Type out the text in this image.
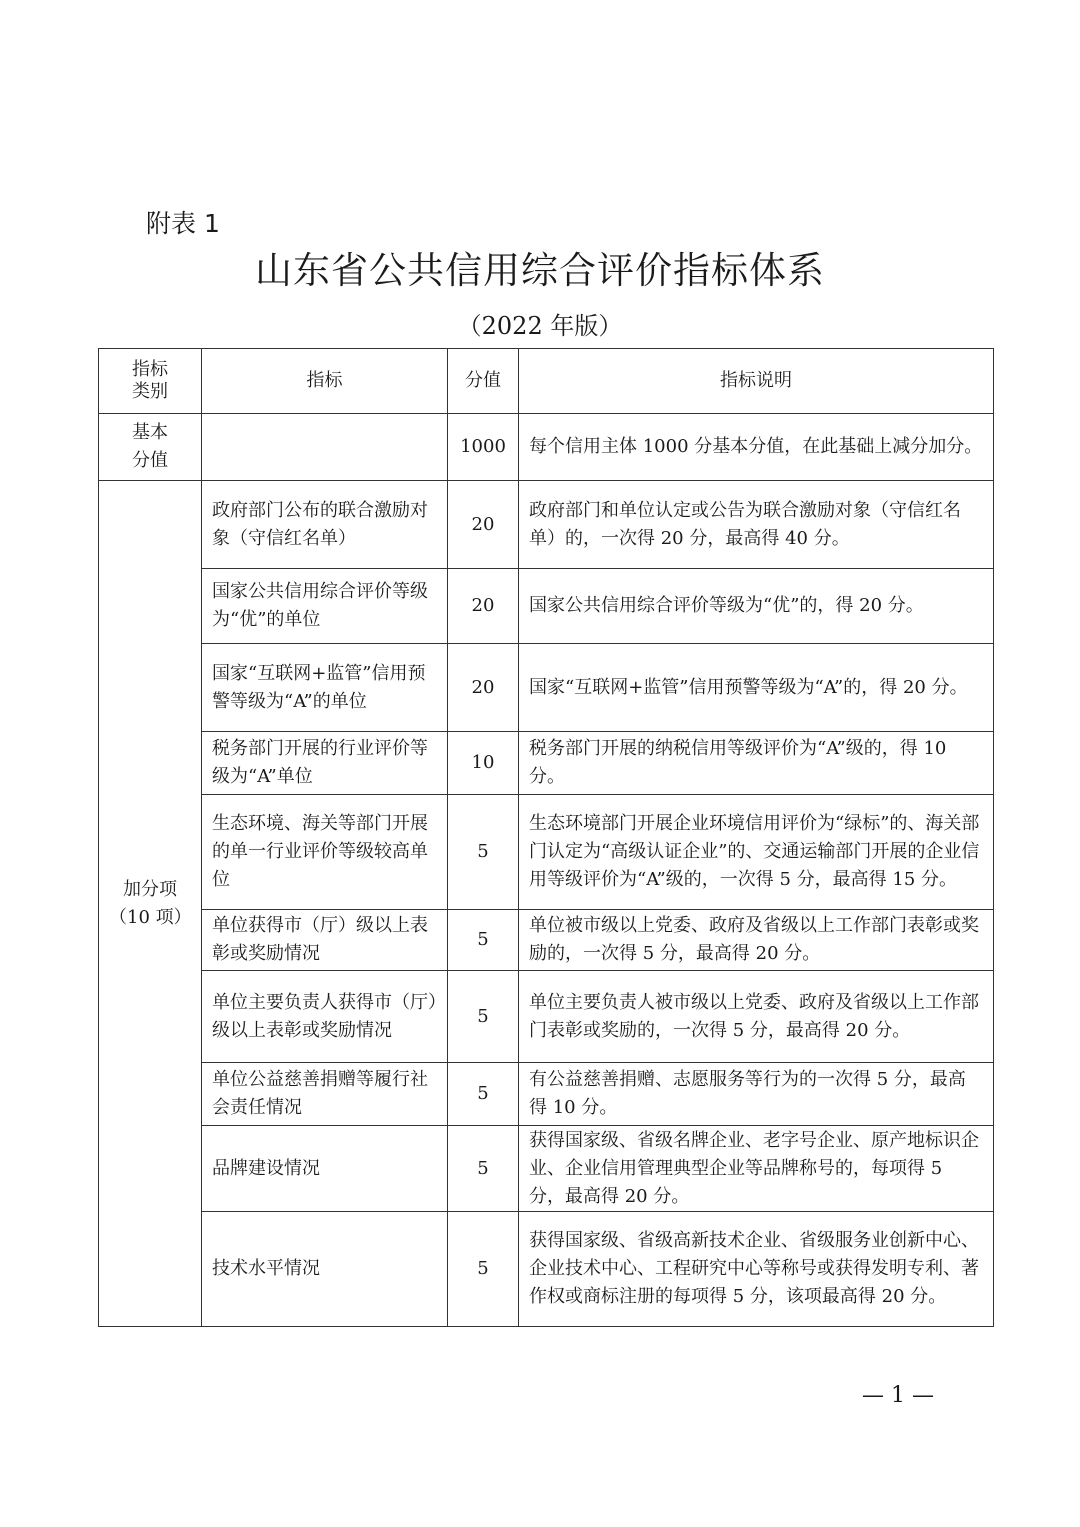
附表 1
山东省公共信用综合评价指标体系
（2022 年版）
指标
类别	指标	分值	指标说明
基本
分值		1000	每个信用主体 1000 分基本分值，在此基础上减分加分。
加分项
（10 项）	政府部门公布的联合激励对象（守信红名单）	20	政府部门和单位认定或公告为联合激励对象（守信红名单）的，一次得 20 分，最高得 40 分。
	国家公共信用综合评价等级为“优”的单位	20	国家公共信用综合评价等级为“优”的，得 20 分。
	国家“互联网+监管”信用预警等级为“A”的单位	20	国家“互联网+监管”信用预警等级为“A”的，得 20 分。
	税务部门开展的行业评价等级为“A”单位	10	税务部门开展的纳税信用等级评价为“A”级的，得 10 分。
	生态环境、海关等部门开展的单一行业评价等级较高单位	5	生态环境部门开展企业环境信用评价为“绿标”的、海关部门认定为“高级认证企业”的、交通运输部门开展的企业信用等级评价为“A”级的，一次得 5 分，最高得 15 分。
	单位获得市（厅）级以上表彰或奖励情况	5	单位被市级以上党委、政府及省级以上工作部门表彰或奖励的，一次得 5 分，最高得 20 分。
	单位主要负责人获得市（厅）级以上表彰或奖励情况	5	单位主要负责人被市级以上党委、政府及省级以上工作部门表彰或奖励的，一次得 5 分，最高得 20 分。
	单位公益慈善捐赠等履行社会责任情况	5	有公益慈善捐赠、志愿服务等行为的一次得 5 分，最高得 10 分。
	品牌建设情况	5	获得国家级、省级名牌企业、老字号企业、原产地标识企业、企业信用管理典型企业等品牌称号的，每项得 5 分，最高得 20 分。
	技术水平情况	5	获得国家级、省级高新技术企业、省级服务业创新中心、企业技术中心、工程研究中心等称号或获得发明专利、著作权或商标注册的每项得 5 分，该项最高得 20 分。
— 1 —
